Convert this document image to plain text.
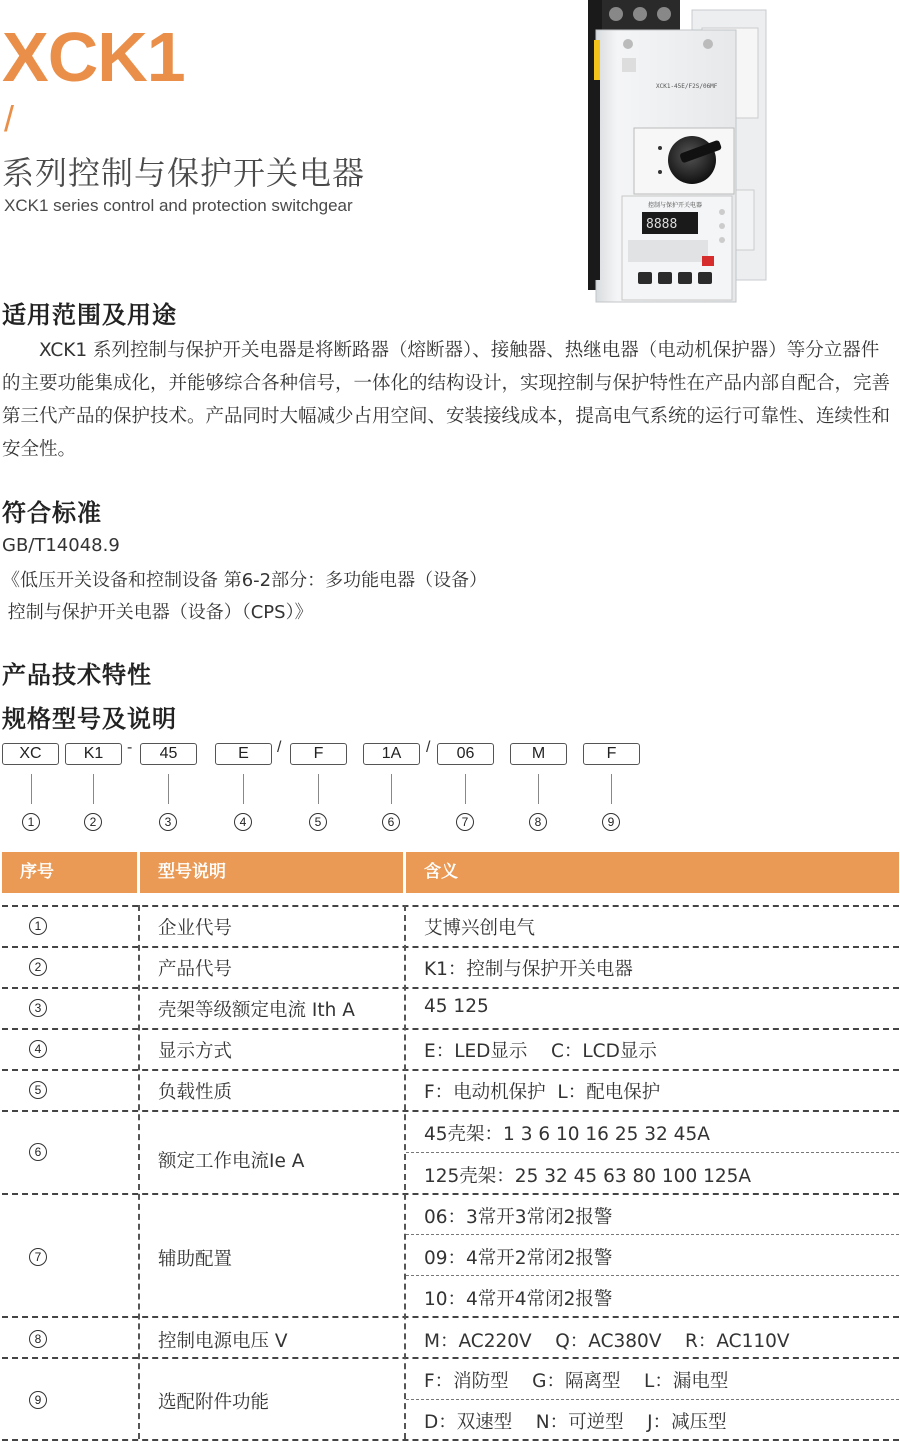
XCK1
/
系列控制与保护开关电器
XCK1 series control and protection switchgear
XCK1-45E/F2S/06MF
控制与保护开关电器
8888
适用范围及用途
XCK1 系列控制与保护开关电器是将断路器（熔断器）、接触器、热继电器（电动机保护器）等分立器件的主要功能集成化，并能够综合各种信号，一体化的结构设计，实现控制与保护特性在产品内部自配合，完善第三代产品的保护技术。产品同时大幅减少占用空间、安装接线成本，提高电气系统的运行可靠性、连续性和安全性。
符合标准
GB/T14048.9
《低压开关设备和控制设备 第6-2部分：多功能电器（设备）
控制与保护开关电器（设备）（CPS）》
产品技术特性
规格型号及说明
XC	K1	-	45	E	/	F	1A	/	06	M	F
1	2	3	4	5	6	7	8	9
序号	型号说明	含义
1	企业代号	艾博兴创电气
2	产品代号	K1：控制与保护开关电器
3	壳架等级额定电流 Ith A	45 125
4	显示方式	E：LED显示    C：LCD显示
5	负载性质	F：电动机保护  L：配电保护
6	额定工作电流Ie A
45壳架：1 3 6 10 16 25 32 45A
125壳架：25 32 45 63 80 100 125A
7	辅助配置
06：3常开3常闭2报警
09：4常开2常闭2报警
10：4常开4常闭2报警
8	控制电源电压 V	M：AC220V    Q：AC380V    R：AC110V
9	选配附件功能
F：消防型    G：隔离型    L：漏电型
D：双速型    N：可逆型    J：减压型
